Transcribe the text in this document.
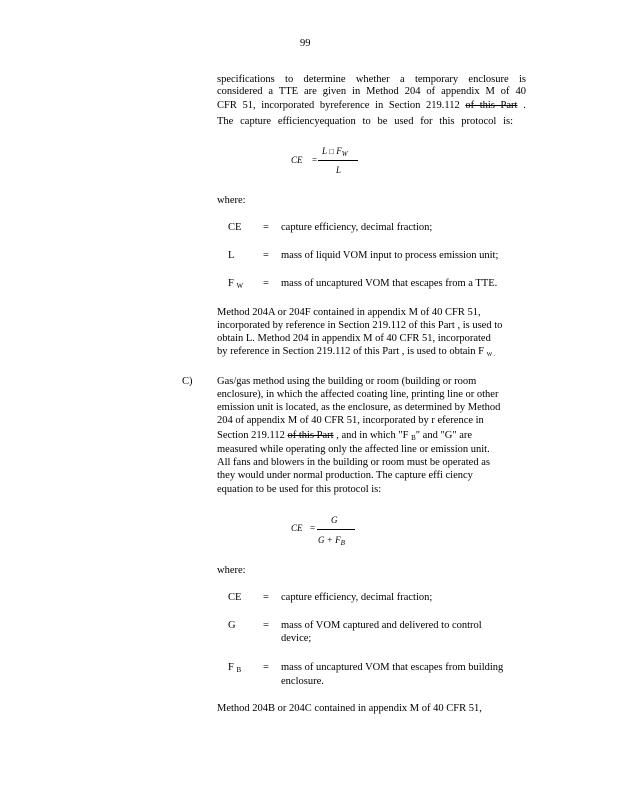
99
specifications to determine whether a temporary enclosure is
considered a TTE are given in Method 204 of appendix M of 40
CFR 51, incorporated byreference in Section 219.112 of this Part .
The capture efficiencyequation to be used for this protocol is:
CE =
L □ $F_W$
L
where:
CE = capture efficiency, decimal fraction;
L	= mass of liquid VOM input to process emission unit;
F $_W$ = mass of uncaptured VOM that escapes from a TTE.
Method 204A or 204F contained in appendix M of 40 CFR 51,
incorporated by reference in Section 219.112 of this Part , is used to
obtain L. Method 204 in appendix M of 40 CFR 51, incorporated
by reference in Section 219.112 of this Part , is used to obtain F $_{W .}$
C) Gas/gas method using the building or room (building or room
enclosure), in which the affected coating line, printing line or other
emission unit is located, as the enclosure, as determined by Method
204 of appendix M of 40 CFR 51, incorporated by r eference in
Section 219.112 of this Part , and in which "F $_B$" and "G" are
measured while operating only the affected line or emission unit.
All fans and blowers in the building or room must be operated as
they would under normal production. The capture effi ciency
equation to be used for this protocol is:
CE =
G
$G + F_B$
where:
CE = capture efficiency, decimal fraction;
G	= mass of VOM captured and delivered to control
device;
F $_B$ = mass of uncaptured VOM that escapes from building
enclosure.
Method 204B or 204C contained in appendix M of 40 CFR 51,
